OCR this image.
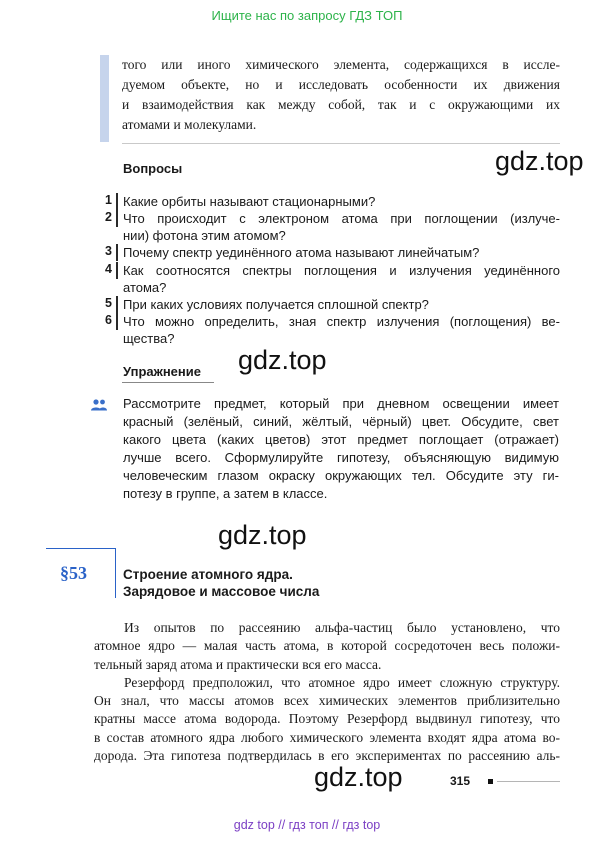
Ищите нас по запросу ГДЗ ТОП
того или иного химического элемента, содержащихся в иссле-
дуемом объекте, но и исследовать особенности их движения
и взаимодействия как между собой, так и с окружающими их
атомами и молекулами.
Вопросы	gdz.top
1 Какие орбиты называют стационарными?
2 Что происходит с электроном атома при поглощении (излуче-
нии) фотона этим атомом?
3 Почему спектр уединённого атома называют линейчатым?
4 Как соотносятся спектры поглощения и излучения уединённого
атома?
5 При каких условиях получается сплошной спектр?
6 Что можно определить, зная спектр излучения (поглощения) ве-
щества?
Упражнение gdz.top
Рассмотрите предмет, который при дневном освещении имеет
красный (зелёный, синий, жёлтый, чёрный) цвет. Обсудите, свет
какого цвета (каких цветов) этот предмет поглощает (отражает)
лучше всего. Сформулируйте гипотезу, объясняющую видимую
человеческим глазом окраску окружающих тел. Обсудите эту ги-
потезу в группе, а затем в классе.
gdz.top
§53	Строение атомного ядра.
Зарядовое и массовое числа
Из опытов по рассеянию альфа-частиц было установлено, что
атомное ядро — малая часть атома, в которой сосредоточен весь положи-
тельный заряд атома и практически вся его масса.
Резерфорд предположил, что атомное ядро имеет сложную структуру.
Он знал, что массы атомов всех химических элементов приблизительно
кратны массе атома водорода. Поэтому Резерфорд выдвинул гипотезу, что
в состав атомного ядра любого химического элемента входят ядра атома во-
дорода. Эта гипотеза подтвердилась в его экспериментах по рассеянию аль-
gdz.top	315
gdz top // гдз топ // гдз top
